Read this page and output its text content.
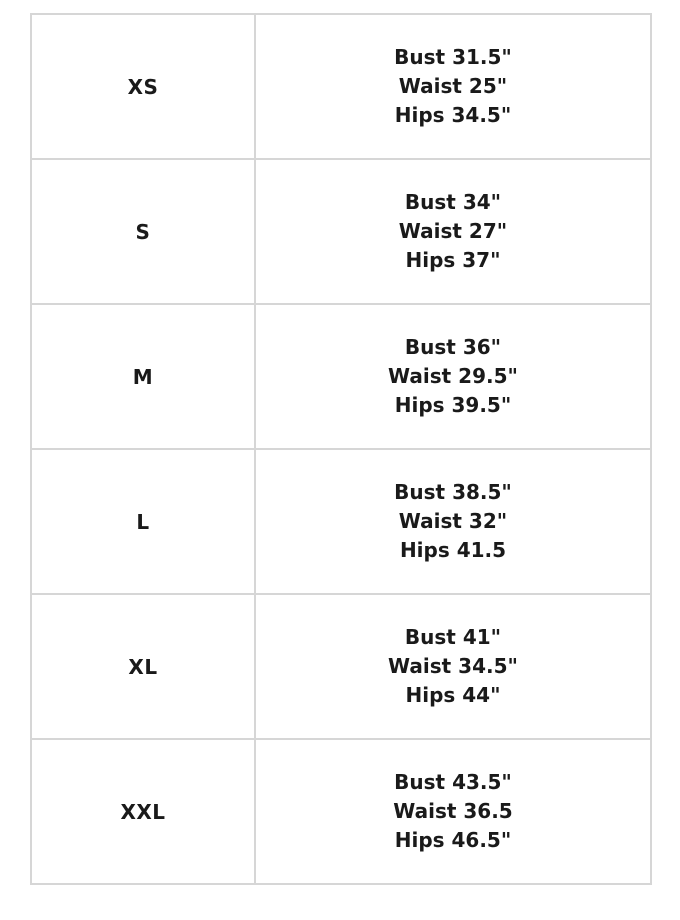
XS	Bust 31.5"
Waist 25"
Hips 34.5"

S	Bust 34"
Waist 27"
Hips 37"

M	Bust 36"
Waist 29.5"
Hips 39.5"

L	Bust 38.5"
Waist 32"
Hips 41.5

XL	Bust 41"
Waist 34.5"
Hips 44"

XXL	Bust 43.5"
Waist 36.5
Hips 46.5"
